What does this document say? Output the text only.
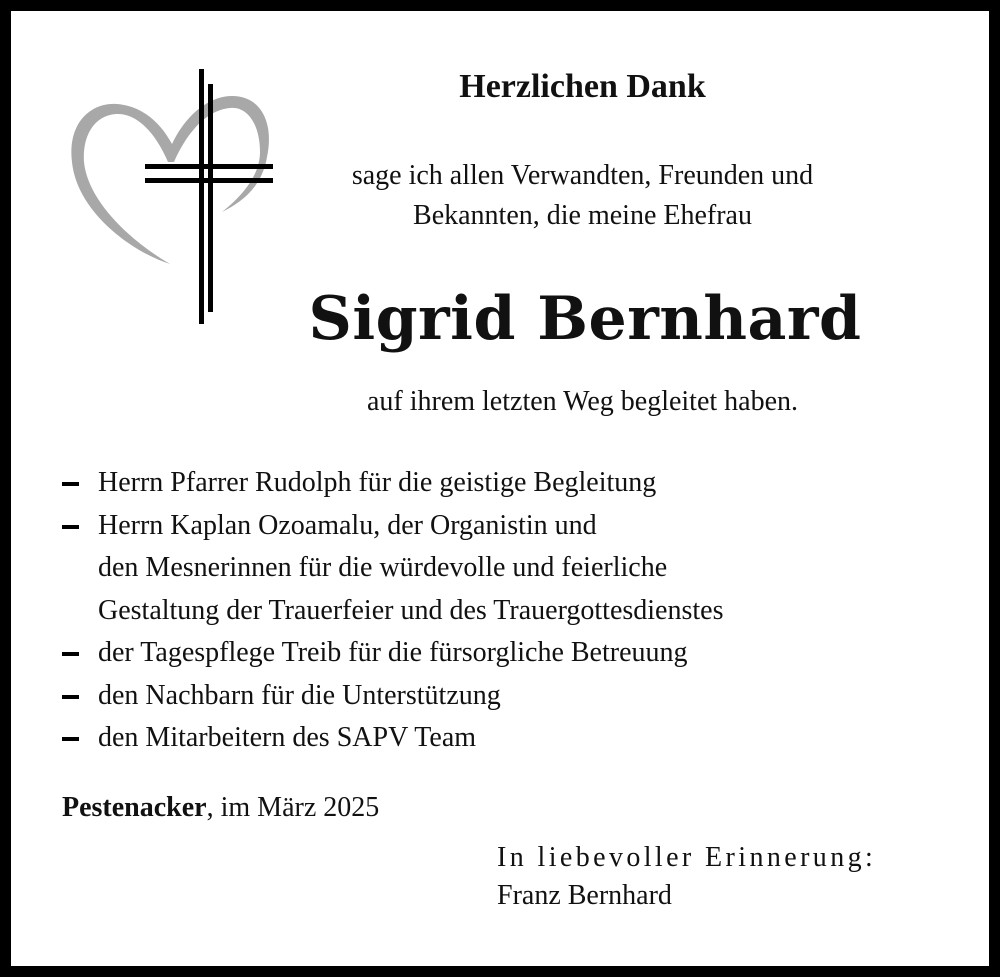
Herzlichen Dank
sage ich allen Verwandten, Freunden und
Bekannten, die meine Ehefrau
Sigrid Bernhard
auf ihrem letzten Weg begleitet haben.
Herrn Pfarrer Rudolph für die geistige Begleitung
Herrn Kaplan Ozoamalu, der Organistin und
den Mesnerinnen für die würdevolle und feierliche
Gestaltung der Trauerfeier und des Trauergottesdienstes
der Tagespflege Treib für die fürsorgliche Betreuung
den Nachbarn für die Unterstützung
den Mitarbeitern des SAPV Team
Pestenacker, im März 2025
In liebevoller Erinnerung:
Franz Bernhard
